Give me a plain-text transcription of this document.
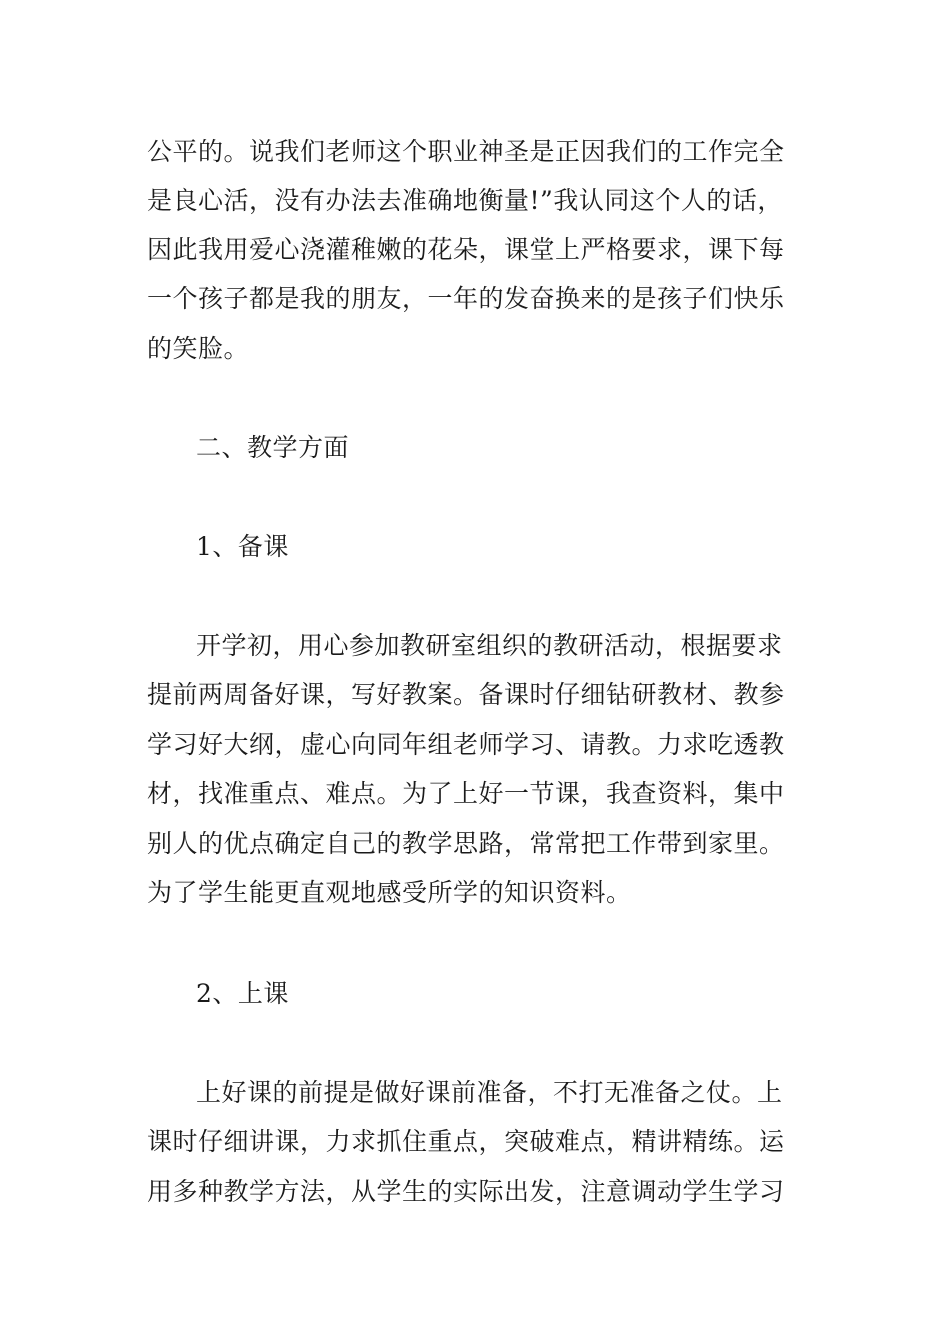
公平的。说我们老师这个职业神圣是正因我们的工作完全
是良心活，没有办法去准确地衡量!”我认同这个人的话，
因此我用爱心浇灌稚嫩的花朵，课堂上严格要求，课下每
一个孩子都是我的朋友，一年的发奋换来的是孩子们快乐
的笑脸。
二、教学方面
1、备课
开学初，用心参加教研室组织的教研活动，根据要求
提前两周备好课，写好教案。备课时仔细钻研教材、教参
学习好大纲，虚心向同年组老师学习、请教。力求吃透教
材，找准重点、难点。为了上好一节课，我查资料，集中
别人的优点确定自己的教学思路，常常把工作带到家里。
为了学生能更直观地感受所学的知识资料。
2、上课
上好课的前提是做好课前准备，不打无准备之仗。上
课时仔细讲课，力求抓住重点，突破难点，精讲精练。运
用多种教学方法，从学生的实际出发，注意调动学生学习
